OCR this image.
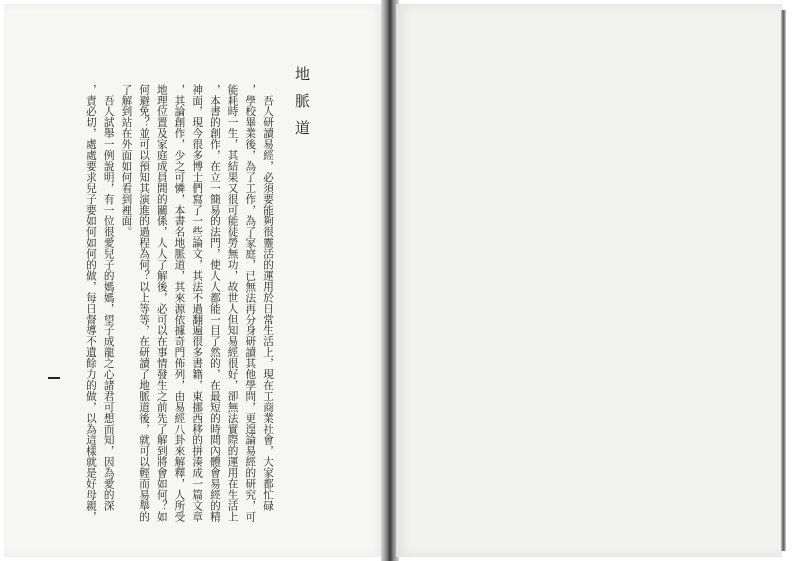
地脈道
　吾人研讀易經，必須要能夠很靈活的運用於日常生活上，現在工商業社會，大家都忙碌
，學校畢業後，為了工作，為了家庭，已無法再分身研讀其他學問，更遑論易經的研究，可
能耗時一生，其結果又很可能徒勞無功，故世人但知易經很好，卻無法實際的運用在生活上
，本書的創作，在立一簡易的法門，使人人都能一目了然的，在最短的時間內體會易經的精
神面，現今很多博士們寫了一些論文，其法不過翻遍很多書籍，東挪西移的拼湊成一篇文章
，其論創作，少之可憐，本書名地脈道，其來源依據奇門佈列，由易經八卦來解釋，人所受
地理位置及家庭成員間的關係，人人了解後，必可以在事情發生之前先了解到將會如何？如
何避免？並可以預知其演進的過程為何？以上等等，在研讀了地脈道後，就可以輕而易舉的
了解到站在外面如何看到裡面。
　吾人試舉一例說明，有一位很愛兒子的媽媽，望子成龍之心諸君可想而知，因為愛的深
，責必切，處處要求兒子要如何如何的做，每日督導不遺餘力的做，以為這樣就是好母親，
